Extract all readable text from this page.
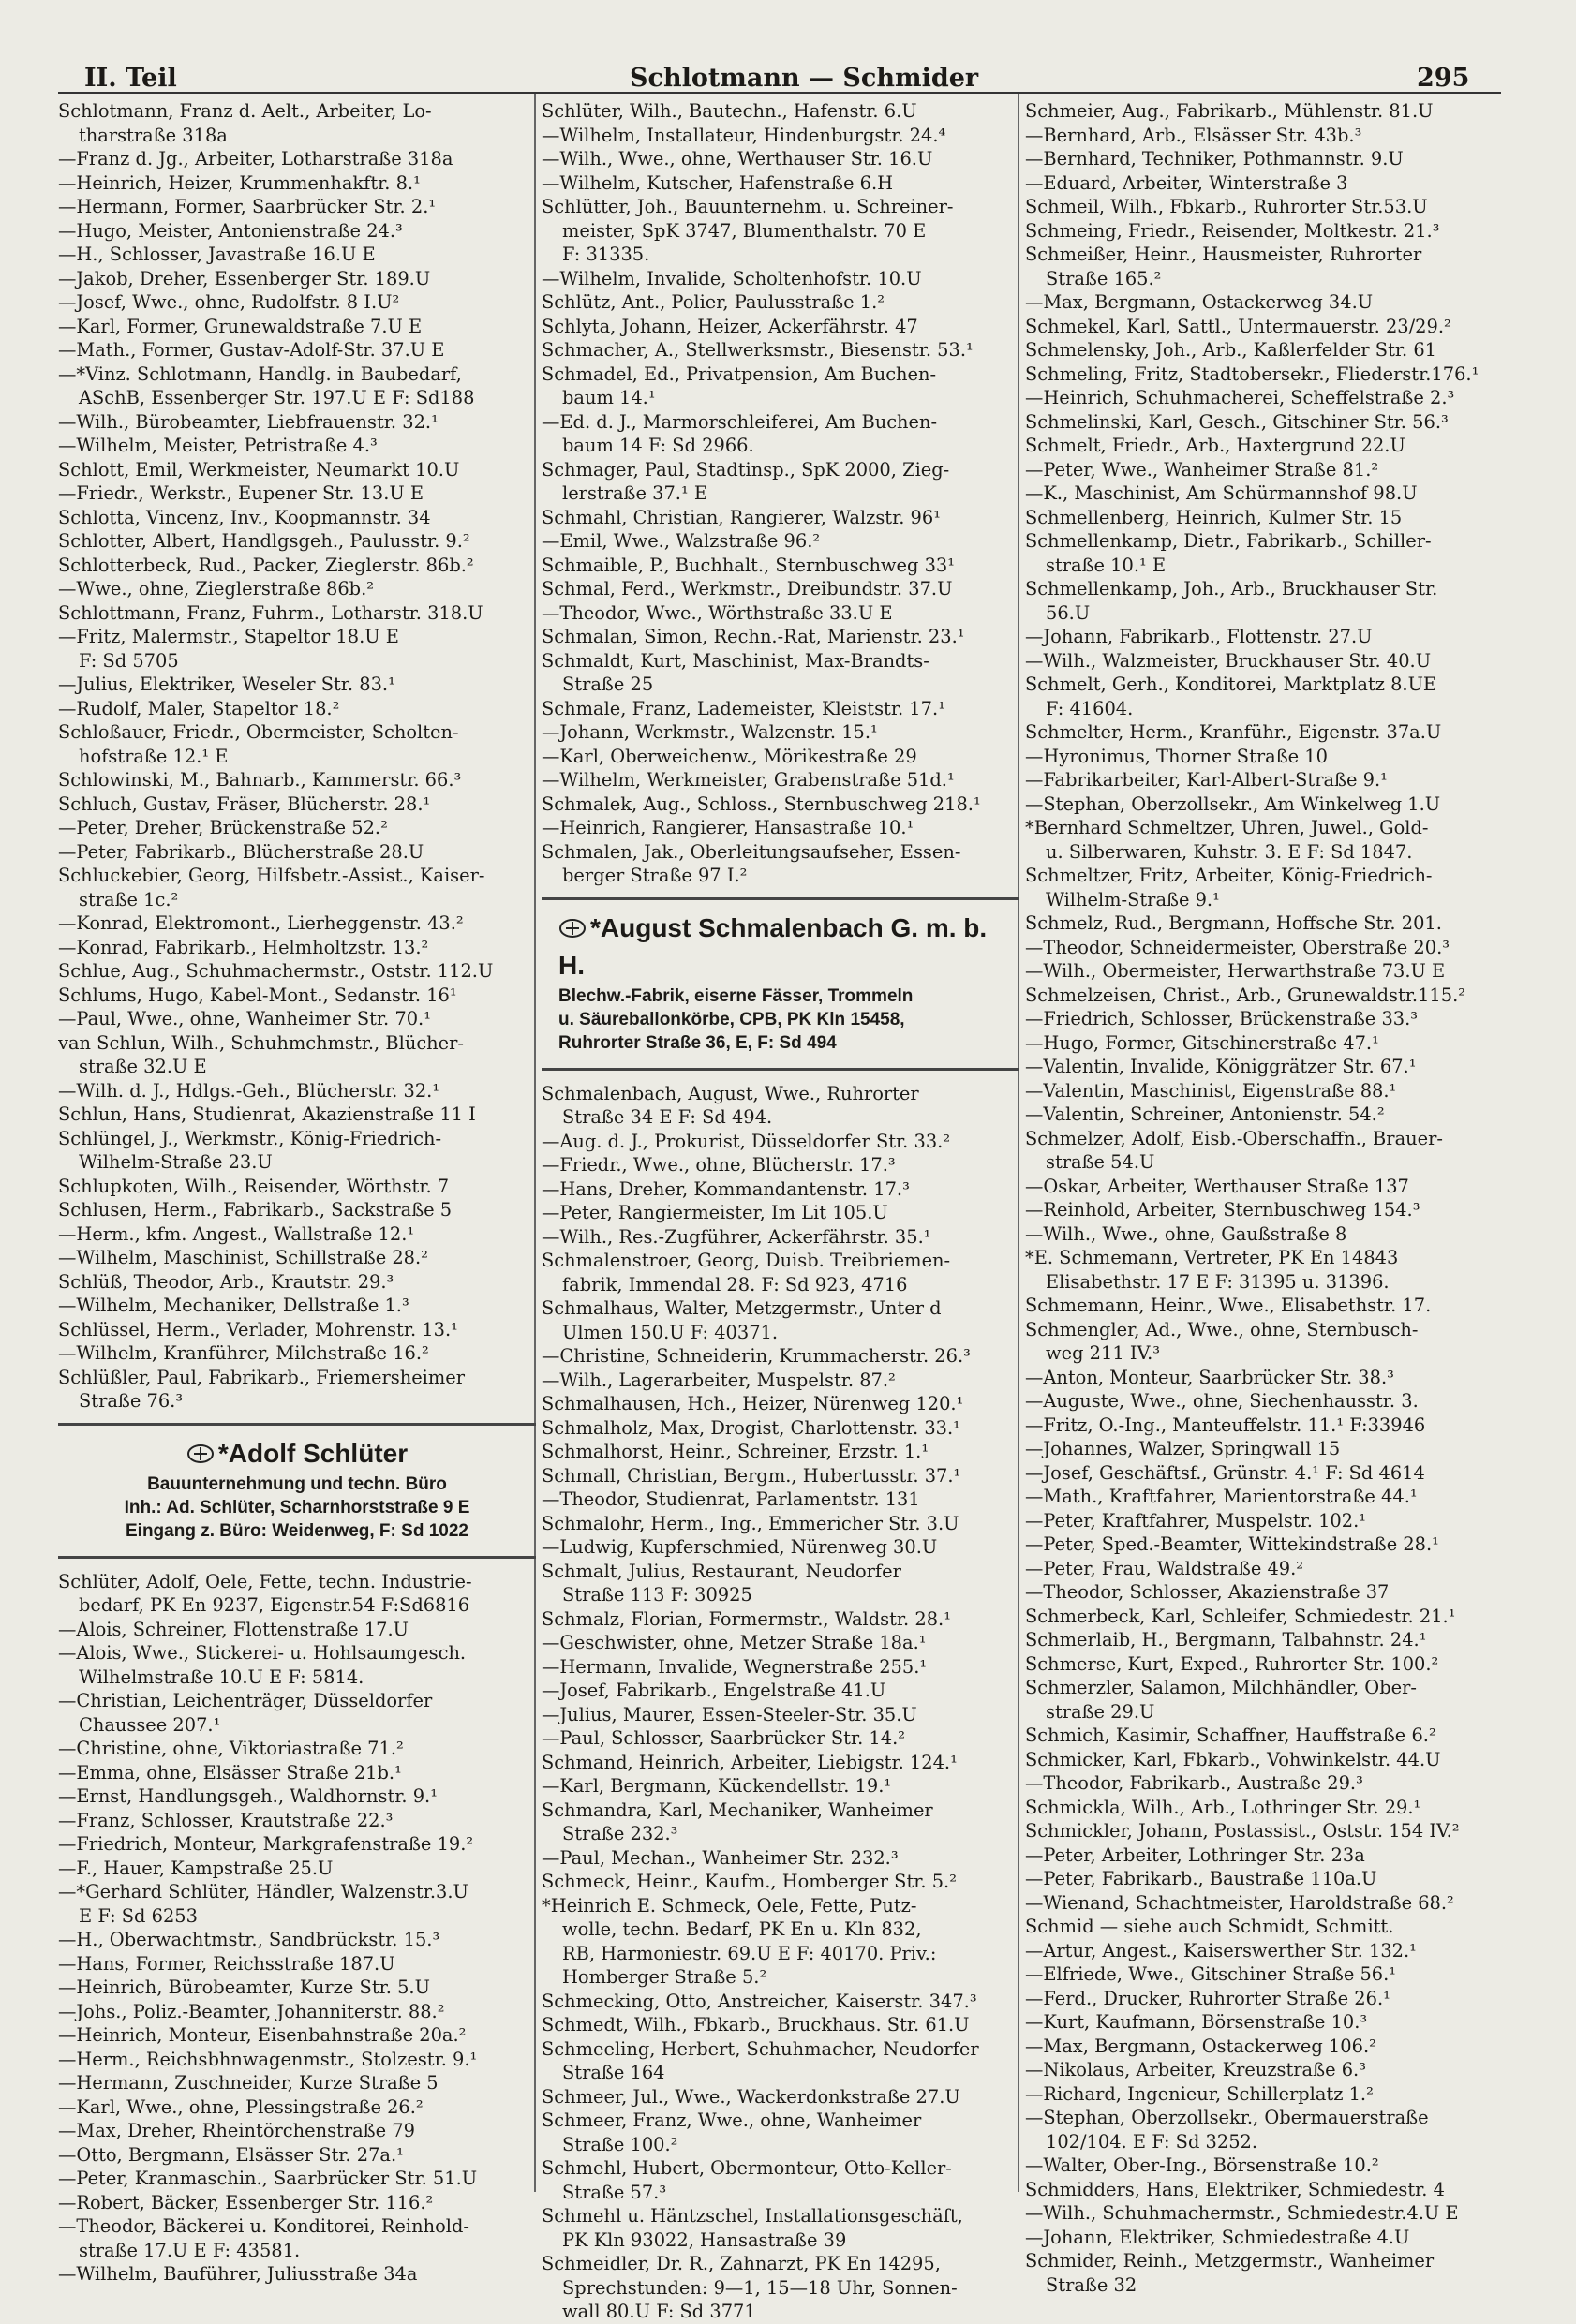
II. Teil	Schlotmann — Schmider	295
Schlotmann, Franz d. Aelt., Arbeiter, Lo-
tharstraße 318a
—Franz d. Jg., Arbeiter, Lotharstraße 318a
—Heinrich, Heizer, Krummenhakftr. 8.¹
—Hermann, Former, Saarbrücker Str. 2.¹
—Hugo, Meister, Antonienstraße 24.³
—H., Schlosser, Javastraße 16.U E
—Jakob, Dreher, Essenberger Str. 189.U
—Josef, Wwe., ohne, Rudolfstr. 8 I.U²
—Karl, Former, Grunewaldstraße 7.U E
—Math., Former, Gustav-Adolf-Str. 37.U E
—*Vinz. Schlotmann, Handlg. in Baubedarf,
ASchB, Essenberger Str. 197.U E F: Sd188
—Wilh., Bürobeamter, Liebfrauenstr. 32.¹
—Wilhelm, Meister, Petristraße 4.³
Schlott, Emil, Werkmeister, Neumarkt 10.U
—Friedr., Werkstr., Eupener Str. 13.U E
Schlotta, Vincenz, Inv., Koopmannstr. 34
Schlotter, Albert, Handlgsgeh., Paulusstr. 9.²
Schlotterbeck, Rud., Packer, Zieglerstr. 86b.²
—Wwe., ohne, Zieglerstraße 86b.²
Schlottmann, Franz, Fuhrm., Lotharstr. 318.U
—Fritz, Malermstr., Stapeltor 18.U E
F: Sd 5705
—Julius, Elektriker, Weseler Str. 83.¹
—Rudolf, Maler, Stapeltor 18.²
Schloßauer, Friedr., Obermeister, Scholten-
hofstraße 12.¹ E
Schlowinski, M., Bahnarb., Kammerstr. 66.³
Schluch, Gustav, Fräser, Blücherstr. 28.¹
—Peter, Dreher, Brückenstraße 52.²
—Peter, Fabrikarb., Blücherstraße 28.U
Schluckebier, Georg, Hilfsbetr.-Assist., Kaiser-
straße 1c.²
—Konrad, Elektromont., Lierheggenstr. 43.²
—Konrad, Fabrikarb., Helmholtzstr. 13.²
Schlue, Aug., Schuhmachermstr., Oststr. 112.U
Schlums, Hugo, Kabel-Mont., Sedanstr. 16¹
—Paul, Wwe., ohne, Wanheimer Str. 70.¹
van Schlun, Wilh., Schuhmchmstr., Blücher-
straße 32.U E
—Wilh. d. J., Hdlgs.-Geh., Blücherstr. 32.¹
Schlun, Hans, Studienrat, Akazienstraße 11 I
Schlüngel, J., Werkmstr., König-Friedrich-
Wilhelm-Straße 23.U
Schlupkoten, Wilh., Reisender, Wörthstr. 7
Schlusen, Herm., Fabrikarb., Sackstraße 5
—Herm., kfm. Angest., Wallstraße 12.¹
—Wilhelm, Maschinist, Schillstraße 28.²
Schlüß, Theodor, Arb., Krautstr. 29.³
—Wilhelm, Mechaniker, Dellstraße 1.³
Schlüssel, Herm., Verlader, Mohrenstr. 13.¹
—Wilhelm, Kranführer, Milchstraße 16.²
Schlüßler, Paul, Fabrikarb., Friemersheimer
Straße 76.³
*Adolf Schlüter
Bauunternehmung und techn. Büro
Inh.: Ad. Schlüter, Scharnhorststraße 9 E
Eingang z. Büro: Weidenweg, F: Sd 1022
Schlüter, Adolf, Oele, Fette, techn. Industrie-
bedarf, PK En 9237, Eigenstr.54 F:Sd6816
—Alois, Schreiner, Flottenstraße 17.U
—Alois, Wwe., Stickerei- u. Hohlsaumgesch.
Wilhelmstraße 10.U E F: 5814.
—Christian, Leichenträger, Düsseldorfer
Chaussee 207.¹
—Christine, ohne, Viktoriastraße 71.²
—Emma, ohne, Elsässer Straße 21b.¹
—Ernst, Handlungsgeh., Waldhornstr. 9.¹
—Franz, Schlosser, Krautstraße 22.³
—Friedrich, Monteur, Markgrafenstraße 19.²
—F., Hauer, Kampstraße 25.U
—*Gerhard Schlüter, Händler, Walzenstr.3.U
E F: Sd 6253
—H., Oberwachtmstr., Sandbrückstr. 15.³
—Hans, Former, Reichsstraße 187.U
—Heinrich, Bürobeamter, Kurze Str. 5.U
—Johs., Poliz.-Beamter, Johanniterstr. 88.²
—Heinrich, Monteur, Eisenbahnstraße 20a.²
—Herm., Reichsbhnwagenmstr., Stolzestr. 9.¹
—Hermann, Zuschneider, Kurze Straße 5
—Karl, Wwe., ohne, Plessingstraße 26.²
—Max, Dreher, Rheintörchenstraße 79
—Otto, Bergmann, Elsässer Str. 27a.¹
—Peter, Kranmaschin., Saarbrücker Str. 51.U
—Robert, Bäcker, Essenberger Str. 116.²
—Theodor, Bäckerei u. Konditorei, Reinhold-
straße 17.U E F: 43581.
—Wilhelm, Bauführer, Juliusstraße 34a
Schlüter, Wilh., Bautechn., Hafenstr. 6.U
—Wilhelm, Installateur, Hindenburgstr. 24.⁴
—Wilh., Wwe., ohne, Werthauser Str. 16.U
—Wilhelm, Kutscher, Hafenstraße 6.H
Schlütter, Joh., Bauunternehm. u. Schreiner-
meister, SpK 3747, Blumenthalstr. 70 E
F: 31335.
—Wilhelm, Invalide, Scholtenhofstr. 10.U
Schlütz, Ant., Polier, Paulusstraße 1.²
Schlyta, Johann, Heizer, Ackerfährstr. 47
Schmacher, A., Stellwerksmstr., Biesenstr. 53.¹
Schmadel, Ed., Privatpension, Am Buchen-
baum 14.¹
—Ed. d. J., Marmorschleiferei, Am Buchen-
baum 14 F: Sd 2966.
Schmager, Paul, Stadtinsp., SpK 2000, Zieg-
lerstraße 37.¹ E
Schmahl, Christian, Rangierer, Walzstr. 96¹
—Emil, Wwe., Walzstraße 96.²
Schmaible, P., Buchhalt., Sternbuschweg 33¹
Schmal, Ferd., Werkmstr., Dreibundstr. 37.U
—Theodor, Wwe., Wörthstraße 33.U E
Schmalan, Simon, Rechn.-Rat, Marienstr. 23.¹
Schmaldt, Kurt, Maschinist, Max-Brandts-
Straße 25
Schmale, Franz, Lademeister, Kleiststr. 17.¹
—Johann, Werkmstr., Walzenstr. 15.¹
—Karl, Oberweichenw., Mörikestraße 29
—Wilhelm, Werkmeister, Grabenstraße 51d.¹
Schmalek, Aug., Schloss., Sternbuschweg 218.¹
—Heinrich, Rangierer, Hansastraße 10.¹
Schmalen, Jak., Oberleitungsaufseher, Essen-
berger Straße 97 I.²
*August Schmalenbach G. m. b. H.
Blechw.-Fabrik, eiserne Fässer, Trommeln
u. Säureballonkörbe, CPB, PK Kln 15458,
Ruhrorter Straße 36, E, F: Sd 494
Schmalenbach, August, Wwe., Ruhrorter
Straße 34 E F: Sd 494.
—Aug. d. J., Prokurist, Düsseldorfer Str. 33.²
—Friedr., Wwe., ohne, Blücherstr. 17.³
—Hans, Dreher, Kommandantenstr. 17.³
—Peter, Rangiermeister, Im Lit 105.U
—Wilh., Res.-Zugführer, Ackerfährstr. 35.¹
Schmalenstroer, Georg, Duisb. Treibriemen-
fabrik, Immendal 28. F: Sd 923, 4716
Schmalhaus, Walter, Metzgermstr., Unter d
Ulmen 150.U F: 40371.
—Christine, Schneiderin, Krummacherstr. 26.³
—Wilh., Lagerarbeiter, Muspelstr. 87.²
Schmalhausen, Hch., Heizer, Nürenweg 120.¹
Schmalholz, Max, Drogist, Charlottenstr. 33.¹
Schmalhorst, Heinr., Schreiner, Erzstr. 1.¹
Schmall, Christian, Bergm., Hubertusstr. 37.¹
—Theodor, Studienrat, Parlamentstr. 131
Schmalohr, Herm., Ing., Emmericher Str. 3.U
—Ludwig, Kupferschmied, Nürenweg 30.U
Schmalt, Julius, Restaurant, Neudorfer
Straße 113 F: 30925
Schmalz, Florian, Formermstr., Waldstr. 28.¹
—Geschwister, ohne, Metzer Straße 18a.¹
—Hermann, Invalide, Wegnerstraße 255.¹
—Josef, Fabrikarb., Engelstraße 41.U
—Julius, Maurer, Essen-Steeler-Str. 35.U
—Paul, Schlosser, Saarbrücker Str. 14.²
Schmand, Heinrich, Arbeiter, Liebigstr. 124.¹
—Karl, Bergmann, Kückendellstr. 19.¹
Schmandra, Karl, Mechaniker, Wanheimer
Straße 232.³
—Paul, Mechan., Wanheimer Str. 232.³
Schmeck, Heinr., Kaufm., Homberger Str. 5.²
*Heinrich E. Schmeck, Oele, Fette, Putz-
wolle, techn. Bedarf, PK En u. Kln 832,
RB, Harmoniestr. 69.U E F: 40170. Priv.:
Homberger Straße 5.²
Schmecking, Otto, Anstreicher, Kaiserstr. 347.³
Schmedt, Wilh., Fbkarb., Bruckhaus. Str. 61.U
Schmeeling, Herbert, Schuhmacher, Neudorfer
Straße 164
Schmeer, Jul., Wwe., Wackerdonkstraße 27.U
Schmeer, Franz, Wwe., ohne, Wanheimer
Straße 100.²
Schmehl, Hubert, Obermonteur, Otto-Keller-
Straße 57.³
Schmehl u. Häntzschel, Installationsgeschäft,
PK Kln 93022, Hansastraße 39
Schmeidler, Dr. R., Zahnarzt, PK En 14295,
Sprechstunden: 9—1, 15—18 Uhr, Sonnen-
wall 80.U F: Sd 3771
Schmeier, Aug., Fabrikarb., Mühlenstr. 81.U
—Bernhard, Arb., Elsässer Str. 43b.³
—Bernhard, Techniker, Pothmannstr. 9.U
—Eduard, Arbeiter, Winterstraße 3
Schmeil, Wilh., Fbkarb., Ruhrorter Str.53.U
Schmeing, Friedr., Reisender, Moltkestr. 21.³
Schmeißer, Heinr., Hausmeister, Ruhrorter
Straße 165.²
—Max, Bergmann, Ostackerweg 34.U
Schmekel, Karl, Sattl., Untermauerstr. 23/29.²
Schmelensky, Joh., Arb., Kaßlerfelder Str. 61
Schmeling, Fritz, Stadtobersekr., Fliederstr.176.¹
—Heinrich, Schuhmacherei, Scheffelstraße 2.³
Schmelinski, Karl, Gesch., Gitschiner Str. 56.³
Schmelt, Friedr., Arb., Haxtergrund 22.U
—Peter, Wwe., Wanheimer Straße 81.²
—K., Maschinist, Am Schürmannshof 98.U
Schmellenberg, Heinrich, Kulmer Str. 15
Schmellenkamp, Dietr., Fabrikarb., Schiller-
straße 10.¹ E
Schmellenkamp, Joh., Arb., Bruckhauser Str.
56.U
—Johann, Fabrikarb., Flottenstr. 27.U
—Wilh., Walzmeister, Bruckhauser Str. 40.U
Schmelt, Gerh., Konditorei, Marktplatz 8.UE
F: 41604.
Schmelter, Herm., Kranführ., Eigenstr. 37a.U
—Hyronimus, Thorner Straße 10
—Fabrikarbeiter, Karl-Albert-Straße 9.¹
—Stephan, Oberzollsekr., Am Winkelweg 1.U
*Bernhard Schmeltzer, Uhren, Juwel., Gold-
u. Silberwaren, Kuhstr. 3. E F: Sd 1847.
Schmeltzer, Fritz, Arbeiter, König-Friedrich-
Wilhelm-Straße 9.¹
Schmelz, Rud., Bergmann, Hoffsche Str. 201.
—Theodor, Schneidermeister, Oberstraße 20.³
—Wilh., Obermeister, Herwarthstraße 73.U E
Schmelzeisen, Christ., Arb., Grunewaldstr.115.²
—Friedrich, Schlosser, Brückenstraße 33.³
—Hugo, Former, Gitschinerstraße 47.¹
—Valentin, Invalide, Königgrätzer Str. 67.¹
—Valentin, Maschinist, Eigenstraße 88.¹
—Valentin, Schreiner, Antonienstr. 54.²
Schmelzer, Adolf, Eisb.-Oberschaffn., Brauer-
straße 54.U
—Oskar, Arbeiter, Werthauser Straße 137
—Reinhold, Arbeiter, Sternbuschweg 154.³
—Wilh., Wwe., ohne, Gaußstraße 8
*E. Schmemann, Vertreter, PK En 14843
Elisabethstr. 17 E F: 31395 u. 31396.
Schmemann, Heinr., Wwe., Elisabethstr. 17.
Schmengler, Ad., Wwe., ohne, Sternbusch-
weg 211 IV.³
—Anton, Monteur, Saarbrücker Str. 38.³
—Auguste, Wwe., ohne, Siechenhausstr. 3.
—Fritz, O.-Ing., Manteuffelstr. 11.¹ F:33946
—Johannes, Walzer, Springwall 15
—Josef, Geschäftsf., Grünstr. 4.¹ F: Sd 4614
—Math., Kraftfahrer, Marientorstraße 44.¹
—Peter, Kraftfahrer, Muspelstr. 102.¹
—Peter, Sped.-Beamter, Wittekindstraße 28.¹
—Peter, Frau, Waldstraße 49.²
—Theodor, Schlosser, Akazienstraße 37
Schmerbeck, Karl, Schleifer, Schmiedestr. 21.¹
Schmerlaib, H., Bergmann, Talbahnstr. 24.¹
Schmerse, Kurt, Exped., Ruhrorter Str. 100.²
Schmerzler, Salamon, Milchhändler, Ober-
straße 29.U
Schmich, Kasimir, Schaffner, Hauffstraße 6.²
Schmicker, Karl, Fbkarb., Vohwinkelstr. 44.U
—Theodor, Fabrikarb., Austraße 29.³
Schmickla, Wilh., Arb., Lothringer Str. 29.¹
Schmickler, Johann, Postassist., Oststr. 154 IV.²
—Peter, Arbeiter, Lothringer Str. 23a
—Peter, Fabrikarb., Baustraße 110a.U
—Wienand, Schachtmeister, Haroldstraße 68.²
Schmid — siehe auch Schmidt, Schmitt.
—Artur, Angest., Kaiserswerther Str. 132.¹
—Elfriede, Wwe., Gitschiner Straße 56.¹
—Ferd., Drucker, Ruhrorter Straße 26.¹
—Kurt, Kaufmann, Börsenstraße 10.³
—Max, Bergmann, Ostackerweg 106.²
—Nikolaus, Arbeiter, Kreuzstraße 6.³
—Richard, Ingenieur, Schillerplatz 1.²
—Stephan, Oberzollsekr., Obermauerstraße
102/104. E F: Sd 3252.
—Walter, Ober-Ing., Börsenstraße 10.²
Schmidders, Hans, Elektriker, Schmiedestr. 4
—Wilh., Schuhmachermstr., Schmiedestr.4.U E
—Johann, Elektriker, Schmiedestraße 4.U
Schmider, Reinh., Metzgermstr., Wanheimer
Straße 32
